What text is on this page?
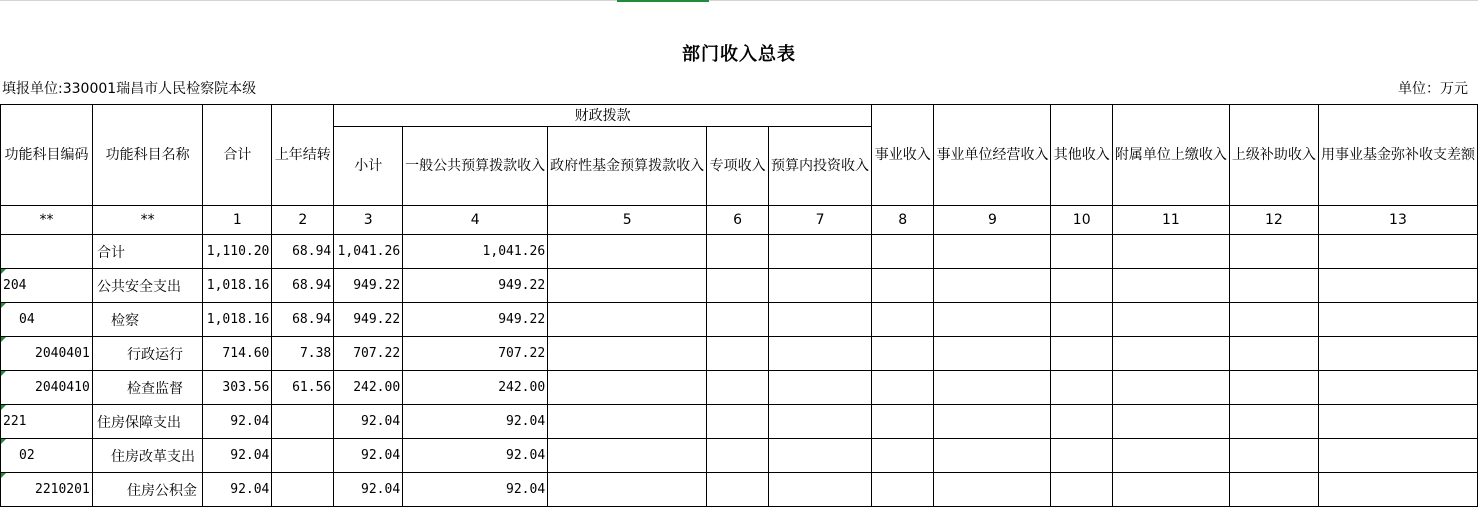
部门收入总表
填报单位:330001瑞昌市人民检察院本级	单位：万元
功能科目编码	功能科目名称	合计	上年结转	财政拨款					事业收入	事业单位经营收入	其他收入	附属单位上缴收入	上级补助收入	用事业基金弥补收支差额
				小计	一般公共预算拨款收入	政府性基金预算拨款收入	专项收入	预算内投资收入						
**	**	1	2	3	4	5	6	7	8	9	10	11	12	13
	合计	1,110.20	68.94	1,041.26	1,041.26									
204	公共安全支出	1,018.16	68.94	949.22	949.22									
04	检察	1,018.16	68.94	949.22	949.22									
2040401	行政运行	714.60	7.38	707.22	707.22									
2040410	检查监督	303.56	61.56	242.00	242.00									
221	住房保障支出	92.04		92.04	92.04									
02	住房改革支出	92.04		92.04	92.04									
2210201	住房公积金	92.04		92.04	92.04									
